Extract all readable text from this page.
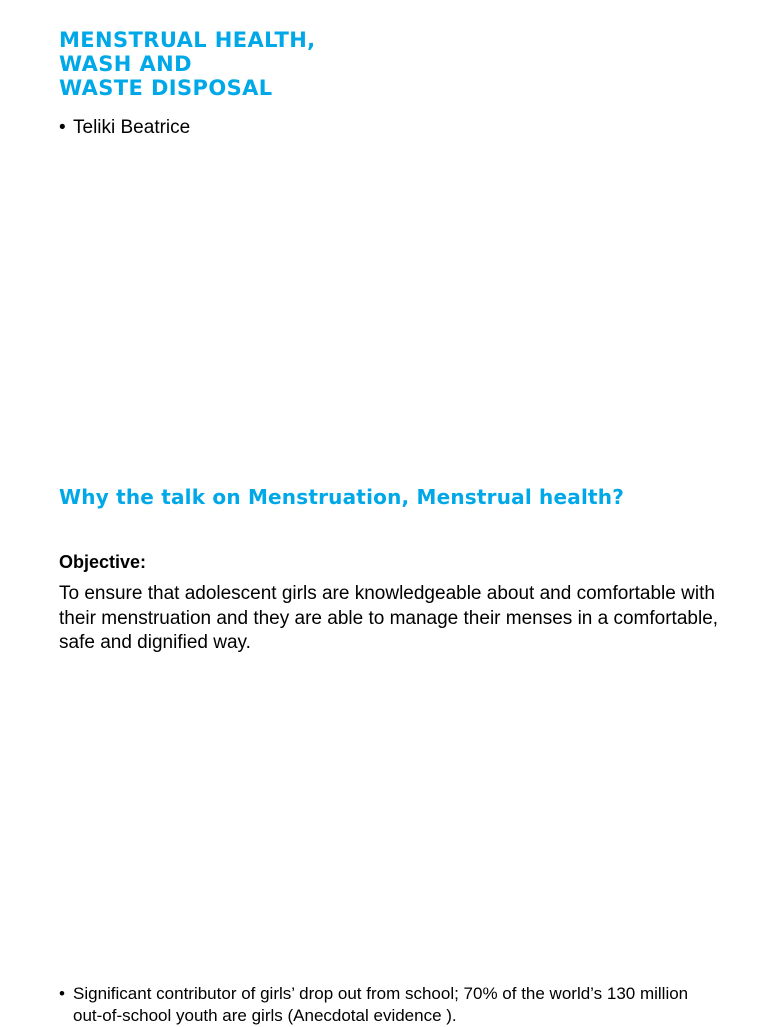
MENSTRUAL HEALTH,
WASH AND
WASTE DISPOSAL
• Teliki Beatrice
Why the talk on Menstruation, Menstrual health?

Objective:

To ensure that adolescent girls are knowledgeable about and comfortable with their menstruation and they are able to manage their menses in a comfortable, safe and dignified way.

• Significant contributor of girls’ drop out from school; 70% of the world’s 130 million out-of-school youth are girls (Anecdotal evidence ).
